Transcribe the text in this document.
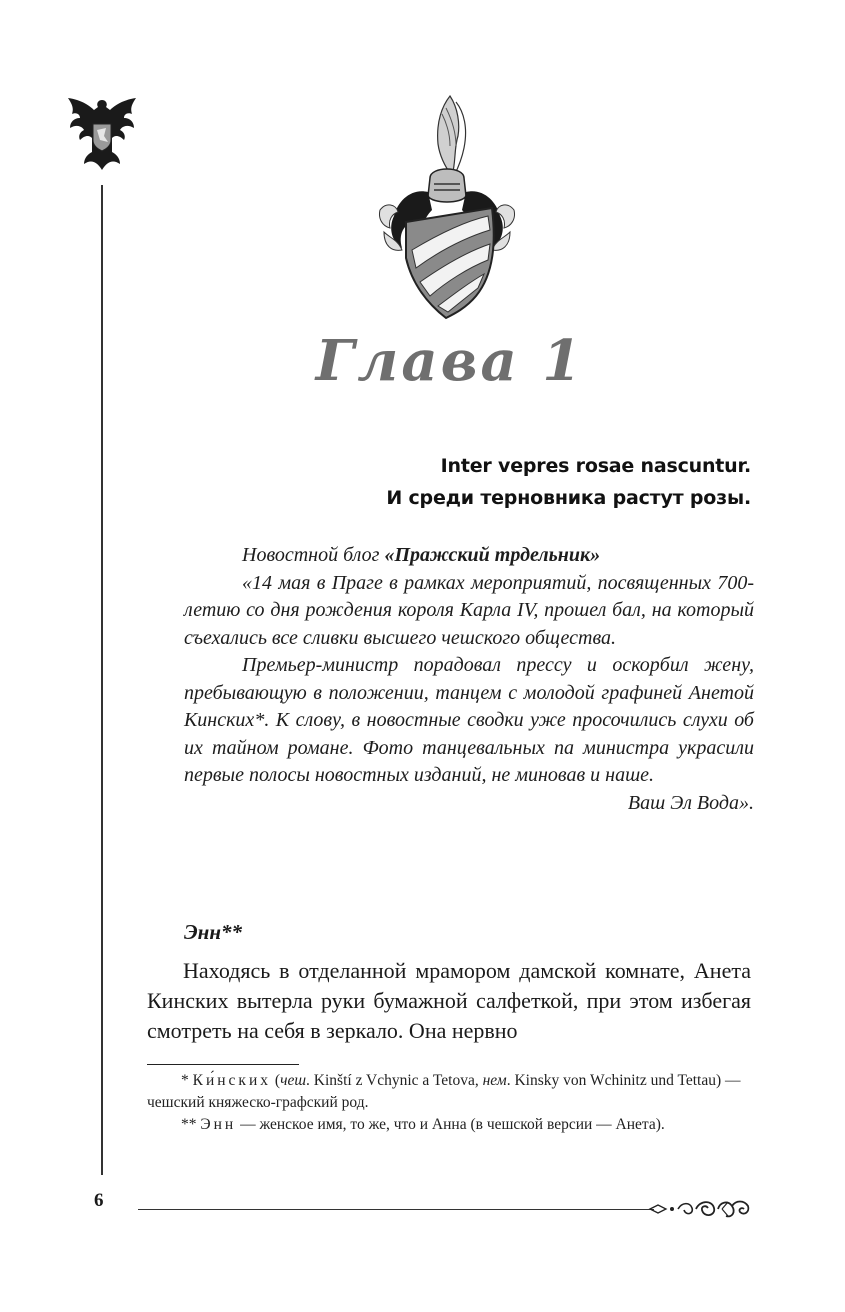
Глава 1
Inter vepres rosae nascuntur.
И среди терновника растут розы.

Новостной блог «Пражский трдельник»

«14 мая в Праге в рамках мероприятий, посвященных 700-летию со дня рождения короля Карла IV, прошел бал, на который съехались все сливки высшего чешского общества.

Премьер-министр порадовал прессу и оскорбил жену, пребывающую в положении, танцем с молодой графиней Анетой Кинских*. К слову, в новостные сводки уже просочились слухи об их тайном романе. Фото танцевальных па министра украсили первые полосы новостных изданий, не миновав и наше.

Ваш Эл Вода».

Энн**

Находясь в отделанной мрамором дамской комнате, Анета Кинских вытерла руки бумажной салфеткой, при этом избегая смотреть на себя в зеркало. Она нервно

* Ки́нских (чеш. Kinští z Vchynic a Tetova, нем. Kinsky von Wchinitz und Tettau) — чешский княжеско-графский род.

** Энн — женское имя, то же, что и Анна (в чешской версии — Анета).

6
